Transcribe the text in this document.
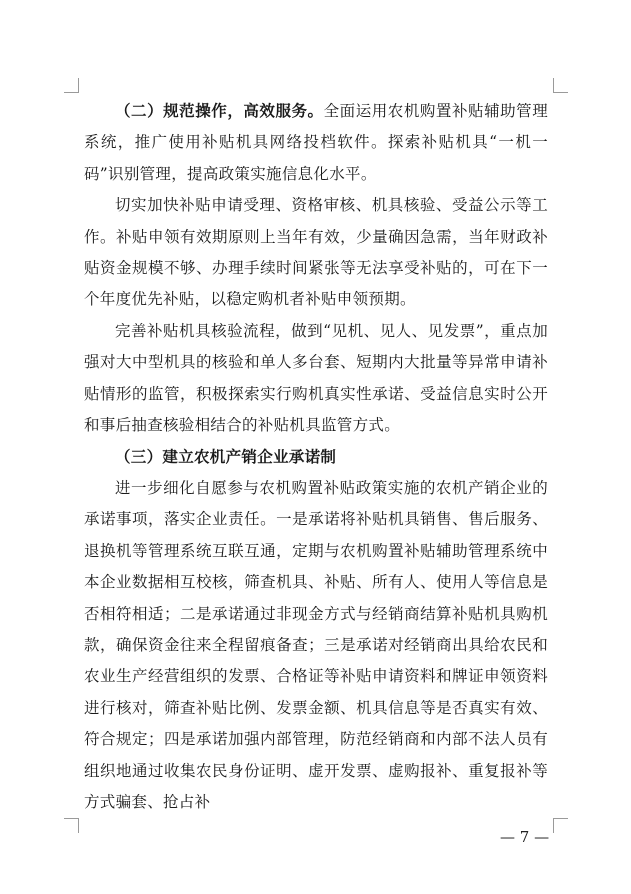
（二）规范操作，高效服务。全面运用农机购置补贴辅助管理系统，推广使用补贴机具网络投档软件。探索补贴机具“一机一码”识别管理，提高政策实施信息化水平。

切实加快补贴申请受理、资格审核、机具核验、受益公示等工作。补贴申领有效期原则上当年有效，少量确因急需，当年财政补贴资金规模不够、办理手续时间紧张等无法享受补贴的，可在下一个年度优先补贴，以稳定购机者补贴申领预期。

完善补贴机具核验流程，做到“见机、见人、见发票”，重点加强对大中型机具的核验和单人多台套、短期内大批量等异常申请补贴情形的监管，积极探索实行购机真实性承诺、受益信息实时公开和事后抽查核验相结合的补贴机具监管方式。

（三）建立农机产销企业承诺制

进一步细化自愿参与农机购置补贴政策实施的农机产销企业的承诺事项，落实企业责任。一是承诺将补贴机具销售、售后服务、退换机等管理系统互联互通，定期与农机购置补贴辅助管理系统中本企业数据相互校核，筛查机具、补贴、所有人、使用人等信息是否相符相适；二是承诺通过非现金方式与经销商结算补贴机具购机款，确保资金往来全程留痕备查；三是承诺对经销商出具给农民和农业生产经营组织的发票、合格证等补贴申请资料和牌证申领资料进行核对，筛查补贴比例、发票金额、机具信息等是否真实有效、符合规定；四是承诺加强内部管理，防范经销商和内部不法人员有组织地通过收集农民身份证明、虚开发票、虚购报补、重复报补等方式骗套、抢占补

— 7 —
